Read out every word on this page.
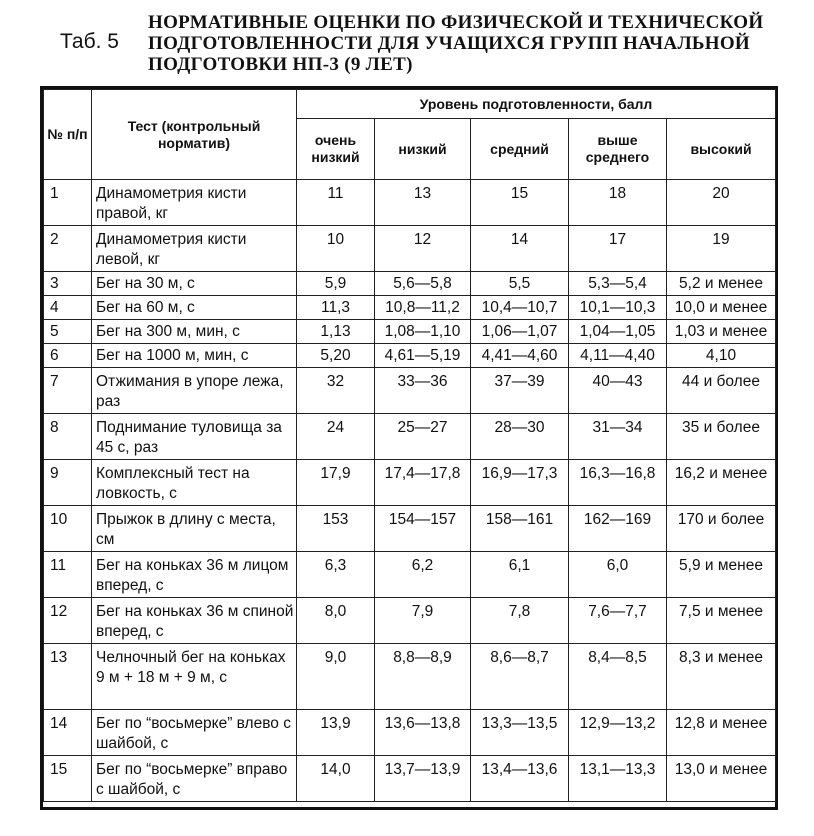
Таб. 5
НОРМАТИВНЫЕ ОЦЕНКИ ПО ФИЗИЧЕСКОЙ И ТЕХНИЧЕСКОЙ ПОДГОТОВЛЕННОСТИ ДЛЯ УЧАЩИХСЯ ГРУПП НАЧАЛЬНОЙ ПОДГОТОВКИ НП-3 (9 ЛЕТ)
№ п/п	Тест (контрольный норматив)	Уровень подготовленности, балл				
		очень низкий	низкий	средний	выше среднего	высокий
1	Динамометрия кисти правой, кг	11	13	15	18	20
2	Динамометрия кисти левой, кг	10	12	14	17	19
3	Бег на 30 м, с	5,9	5,6—5,8	5,5	5,3—5,4	5,2 и менее
4	Бег на 60 м, с	11,3	10,8—11,2	10,4—10,7	10,1—10,3	10,0 и менее
5	Бег на 300 м, мин, с	1,13	1,08—1,10	1,06—1,07	1,04—1,05	1,03 и менее
6	Бег на 1000 м, мин, с	5,20	4,61—5,19	4,41—4,60	4,11—4,40	4,10
7	Отжимания в упоре лежа, раз	32	33—36	37—39	40—43	44 и более
8	Поднимание туловища за 45 с, раз	24	25—27	28—30	31—34	35 и более
9	Комплексный тест на ловкость, с	17,9	17,4—17,8	16,9—17,3	16,3—16,8	16,2 и менее
10	Прыжок в длину с места, см	153	154—157	158—161	162—169	170 и более
11	Бег на коньках 36 м лицом вперед, с	6,3	6,2	6,1	6,0	5,9 и менее
12	Бег на коньках 36 м спиной вперед, с	8,0	7,9	7,8	7,6—7,7	7,5 и менее
13	Челночный бег на коньках 9 м + 18 м + 9 м, с	9,0	8,8—8,9	8,6—8,7	8,4—8,5	8,3 и менее
14	Бег по “восьмерке” влево с шайбой, с	13,9	13,6—13,8	13,3—13,5	12,9—13,2	12,8 и менее
15	Бег по “восьмерке” вправо с шайбой, с	14,0	13,7—13,9	13,4—13,6	13,1—13,3	13,0 и менее
